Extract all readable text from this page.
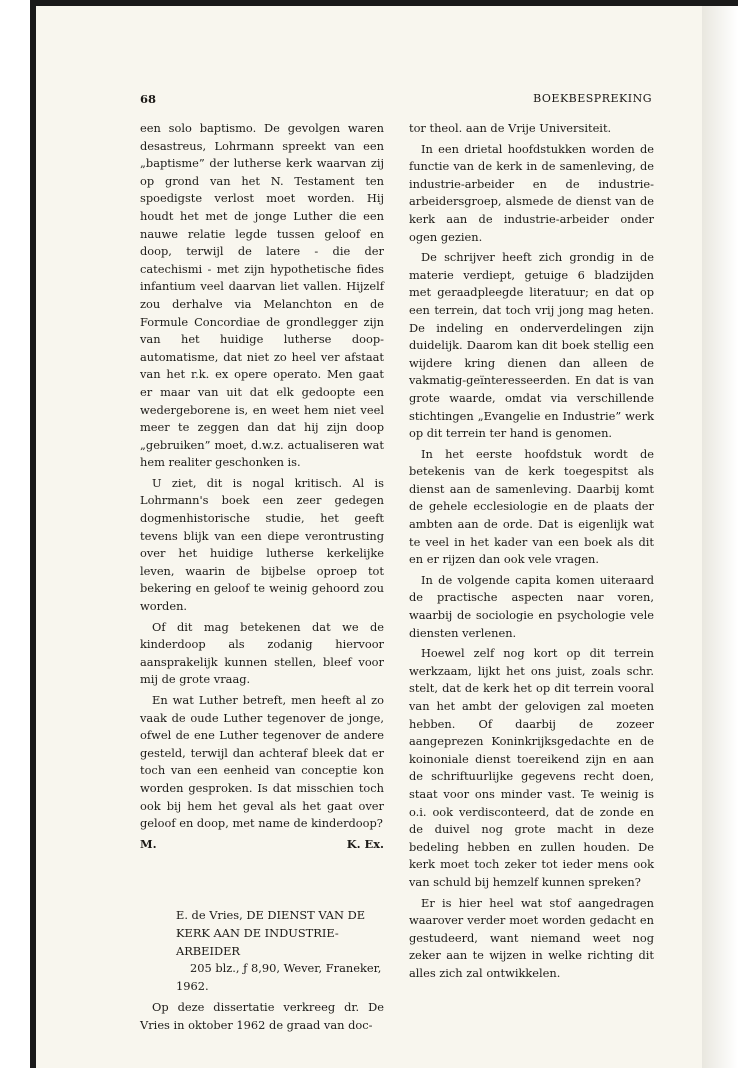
68	BOEKBESPREKING

een solo baptismo. De gevolgen waren desastreus, Lohrmann spreekt van een „baptisme” der lutherse kerk waarvan zij op grond van het N. Testament ten spoedigste verlost moet worden. Hij houdt het met de jonge Luther die een nauwe relatie legde tussen geloof en doop, terwijl de latere - die der catechismi - met zijn hypothetische fides infantium veel daarvan liet vallen. Hijzelf zou derhalve via Melanchton en de Formule Concordiae de grondlegger zijn van het huidige lutherse doop-automatisme, dat niet zo heel ver afstaat van het r.k. ex opere operato. Men gaat er maar van uit dat elk gedoopte een wedergeborene is, en weet hem niet veel meer te zeggen dan dat hij zijn doop „gebruiken” moet, d.w.z. actualiseren wat hem realiter geschonken is.

U ziet, dit is nogal kritisch. Al is Lohrmann's boek een zeer gedegen dogmenhistorische studie, het geeft tevens blijk van een diepe verontrusting over het huidige lutherse kerkelijke leven, waarin de bijbelse oproep tot bekering en geloof te weinig gehoord zou worden.

Of dit mag betekenen dat we de kinderdoop als zodanig hiervoor aansprakelijk kunnen stellen, bleef voor mij de grote vraag.

En wat Luther betreft, men heeft al zo vaak de oude Luther tegenover de jonge, ofwel de ene Luther tegenover de andere gesteld, terwijl dan achteraf bleek dat er toch van een eenheid van conceptie kon worden gesproken. Is dat misschien toch ook bij hem het geval als het gaat over geloof en doop, met name de kinderdoop?

M.	K. Ex.

E. de Vries, DE DIENST VAN DE KERK AAN DE INDUSTRIE-ARBEIDER

205 blz., ƒ 8,90, Wever, Franeker, 1962.

Op deze dissertatie verkreeg dr. De Vries in oktober 1962 de graad van doc-

tor theol. aan de Vrije Universiteit.

In een drietal hoofdstukken worden de functie van de kerk in de samenleving, de industrie-arbeider en de industrie-arbeidersgroep, alsmede de dienst van de kerk aan de industrie-arbeider onder ogen gezien.

De schrijver heeft zich grondig in de materie verdiept, getuige 6 bladzijden met geraadpleegde literatuur; en dat op een terrein, dat toch vrij jong mag heten. De indeling en onderverdelingen zijn duidelijk. Daarom kan dit boek stellig een wijdere kring dienen dan alleen de vakmatig-geïnteresseerden. En dat is van grote waarde, omdat via verschillende stichtingen „Evangelie en Industrie” werk op dit terrein ter hand is genomen.

In het eerste hoofdstuk wordt de betekenis van de kerk toegespitst als dienst aan de samenleving. Daarbij komt de gehele ecclesiologie en de plaats der ambten aan de orde. Dat is eigenlijk wat te veel in het kader van een boek als dit en er rijzen dan ook vele vragen.

In de volgende capita komen uiteraard de practische aspecten naar voren, waarbij de sociologie en psychologie vele diensten verlenen.

Hoewel zelf nog kort op dit terrein werkzaam, lijkt het ons juist, zoals schr. stelt, dat de kerk het op dit terrein vooral van het ambt der gelovigen zal moeten hebben. Of daarbij de zozeer aangeprezen Koninkrijksgedachte en de koinoniale dienst toereikend zijn en aan de schriftuurlijke gegevens recht doen, staat voor ons minder vast. Te weinig is o.i. ook verdisconteerd, dat de zonde en de duivel nog grote macht in deze bedeling hebben en zullen houden. De kerk moet toch zeker tot ieder mens ook van schuld bij hemzelf kunnen spreken?

Er is hier heel wat stof aangedragen waarover verder moet worden gedacht en gestudeerd, want niemand weet nog zeker aan te wijzen in welke richting dit alles zich zal ontwikkelen.
